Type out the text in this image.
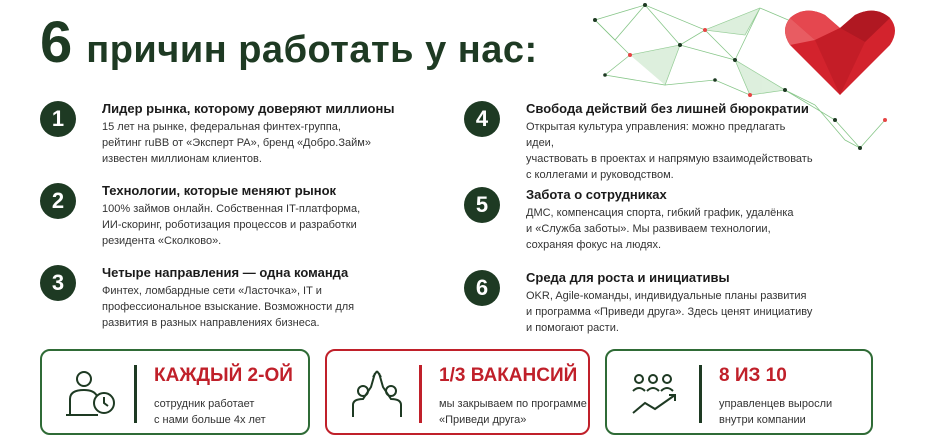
6 причин работать у нас:
1	Лидер рынка, которому доверяют миллионы
15 лет на рынке, федеральная финтех-группа,
рейтинг ruBB от «Эксперт РА», бренд «Добро.Займ»
известен миллионам клиентов.
2	Технологии, которые меняют рынок
100% займов онлайн. Собственная IT-платформа,
ИИ-скоринг, роботизация процессов и разработки
резидента «Сколково».
3	Четыре направления — одна команда
Финтех, ломбардные сети «Ласточка», IT и
профессиональное взыскание. Возможности для
развития в разных направлениях бизнеса.
4	Свобода действий без лишней бюрократии
Открытая культура управления: можно предлагать идеи,
участвовать в проектах и напрямую взаимодействовать
с коллегами и руководством.
5	Забота о сотрудниках
ДМС, компенсация спорта, гибкий график, удалёнка
и «Служба заботы». Мы развиваем технологии,
сохраняя фокус на людях.
6	Среда для роста и инициативы
OKR, Agile-команды, индивидуальные планы развития
и программа «Приведи друга». Здесь ценят инициативу
и помогают расти.
КАЖДЫЙ 2-ОЙ
сотрудник работает
с нами больше 4х лет
1/3 ВАКАНСИЙ
мы закрываем по программе
«Приведи друга»
8 ИЗ 10
управленцев выросли
внутри компании
